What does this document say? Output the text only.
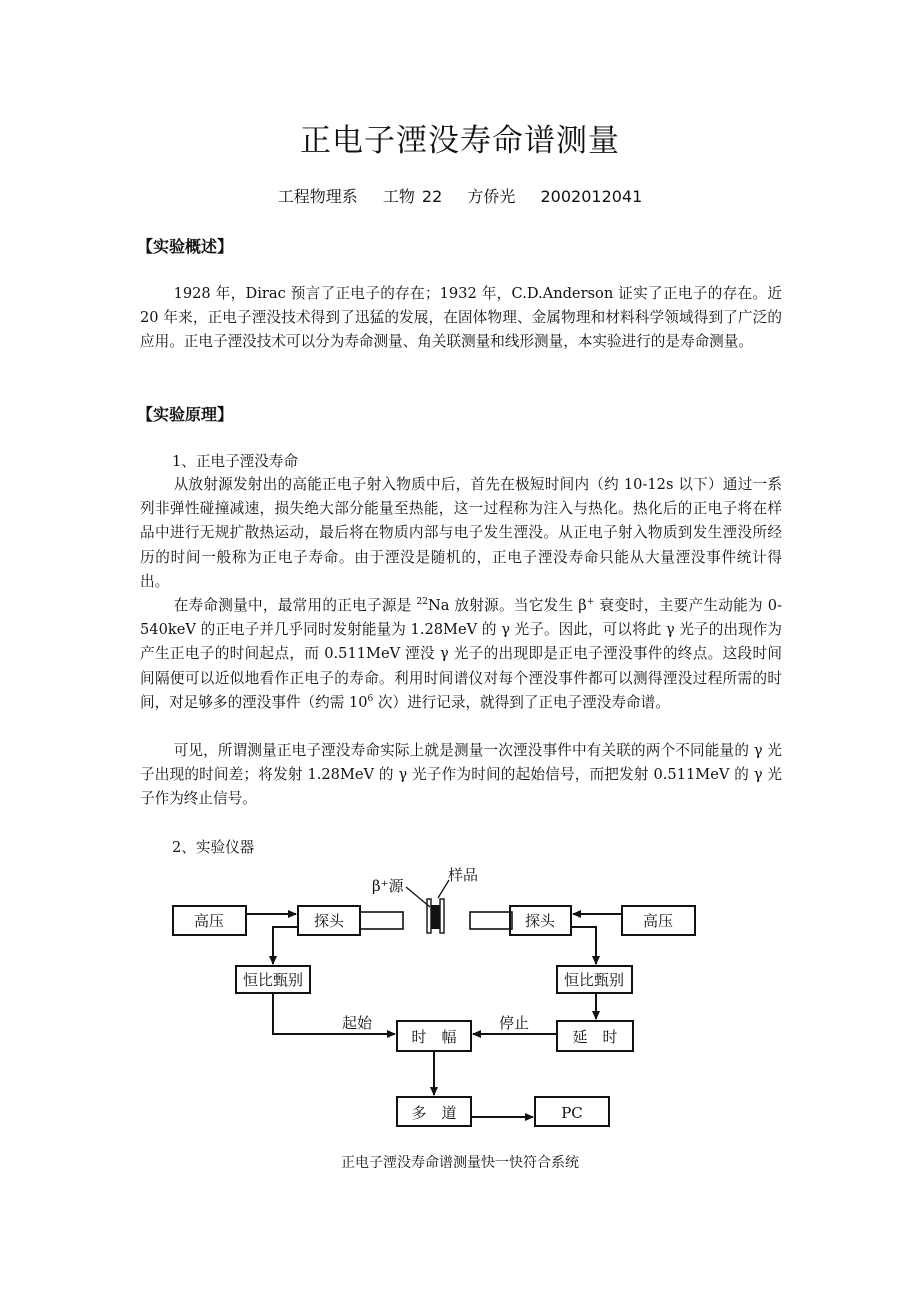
正电子湮没寿命谱测量
工程物理系 工物 22 方侨光 2002012041
【实验概述】
1928 年，Dirac 预言了正电子的存在；1932 年，C.D.Anderson 证实了正电子的存在。近 20 年来，正电子湮没技术得到了迅猛的发展，在固体物理、金属物理和材料科学领域得到了广泛的应用。正电子湮没技术可以分为寿命测量、角关联测量和线形测量，本实验进行的是寿命测量。
【实验原理】
1、正电子湮没寿命
从放射源发射出的高能正电子射入物质中后，首先在极短时间内（约 10-12s 以下）通过一系列非弹性碰撞减速，损失绝大部分能量至热能，这一过程称为注入与热化。热化后的正电子将在样品中进行无规扩散热运动，最后将在物质内部与电子发生湮没。从正电子射入物质到发生湮没所经历的时间一般称为正电子寿命。由于湮没是随机的，正电子湮没寿命只能从大量湮没事件统计得出。
在寿命测量中，最常用的正电子源是 $^{22}$Na 放射源。当它发生 β+ 衰变时，主要产生动能为 0-540keV 的正电子并几乎同时发射能量为 1.28MeV 的 γ 光子。因此，可以将此 γ 光子的出现作为产生正电子的时间起点，而 0.511MeV 湮没 γ 光子的出现即是正电子湮没事件的终点。这段时间间隔便可以近似地看作正电子的寿命。利用时间谱仪对每个湮没事件都可以测得湮没过程所需的时间，对足够多的湮没事件（约需 $10^6$ 次）进行记录，就得到了正电子湮没寿命谱。
可见，所谓测量正电子湮没寿命实际上就是测量一次湮没事件中有关联的两个不同能量的 γ 光子出现的时间差；将发射 1.28MeV 的 γ 光子作为时间的起始信号，而把发射 0.511MeV 的 γ 光子作为终止信号。
2、实验仪器
β⁺源
样品
高压	探头
恒比甄别
探头	高压
恒比甄别
起始	停止
时　幅	延　时
多　道	PC
正电子湮没寿命谱测量快一快符合系统
